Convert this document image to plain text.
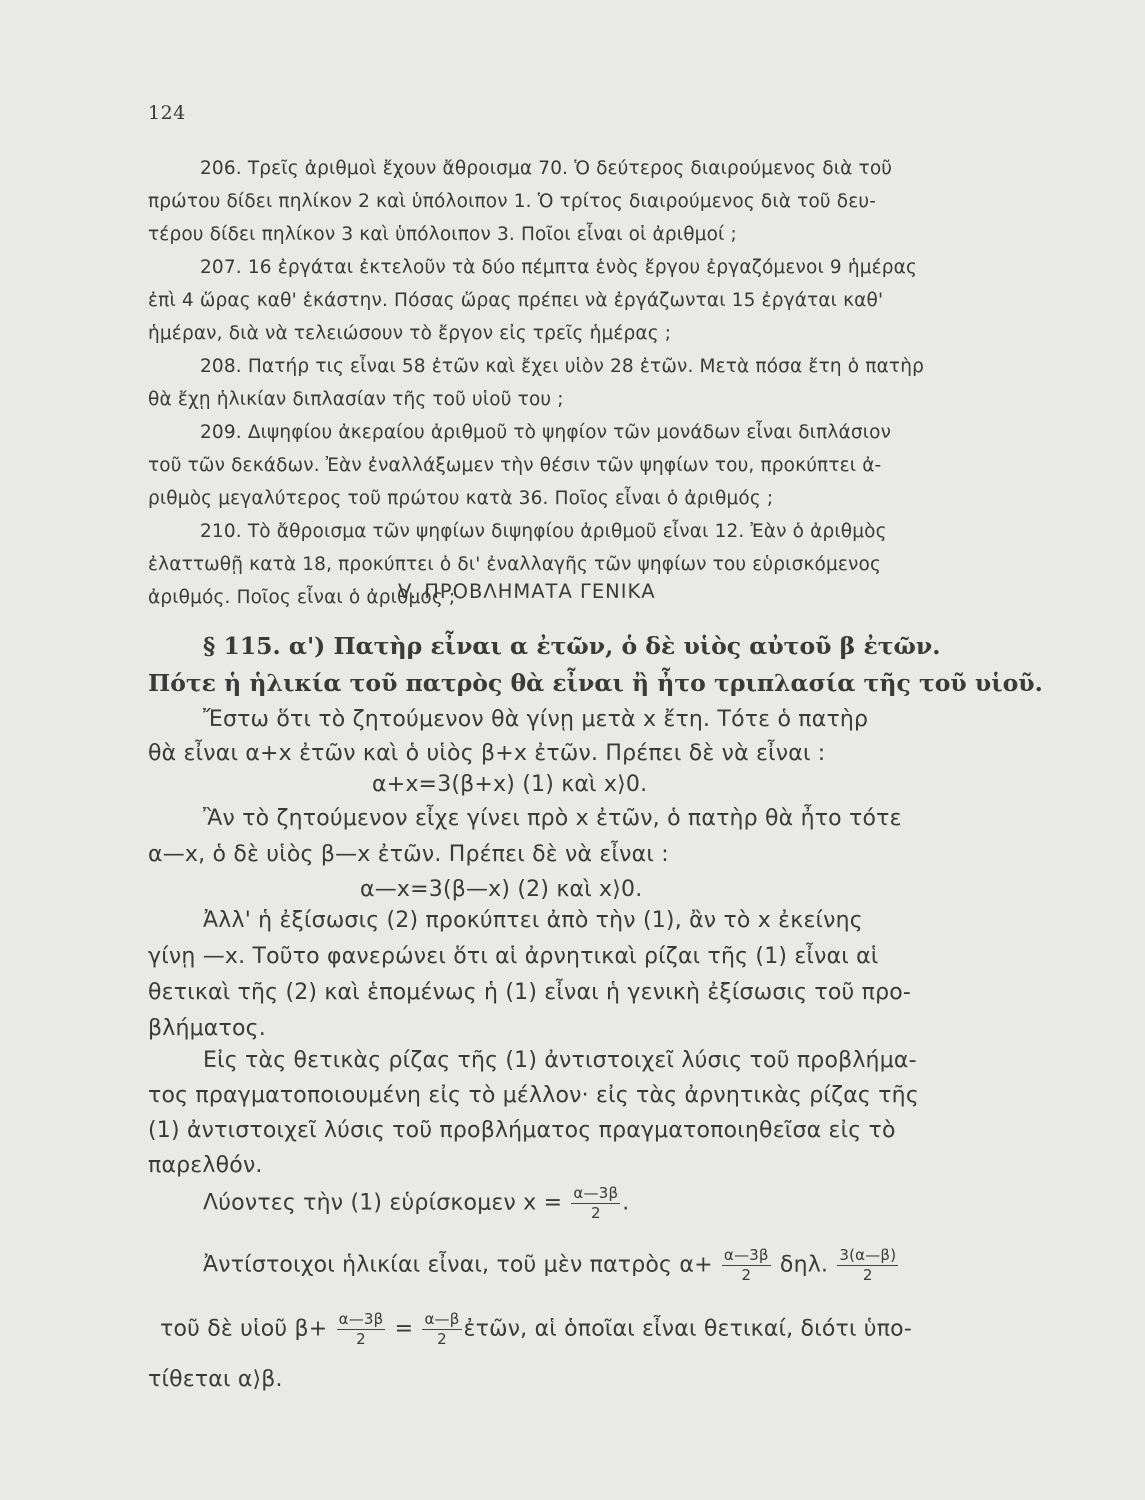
124
206. Τρεῖς ἀριθμοὶ ἔχουν ἄθροισμα 70. Ὁ δεύτερος διαιρούμενος διὰ τοῦ
πρώτου δίδει πηλίκον 2 καὶ ὑπόλοιπον 1. Ὁ τρίτος διαιρούμενος διὰ τοῦ δευ-
τέρου δίδει πηλίκον 3 καὶ ὑπόλοιπον 3. Ποῖοι εἶναι οἱ ἀριθμοί ;
207. 16 ἐργάται ἐκτελοῦν τὰ δύο πέμπτα ἑνὸς ἔργου ἐργαζόμενοι 9 ἡμέρας
ἐπὶ 4 ὥρας καθ' ἑκάστην. Πόσας ὥρας πρέπει νὰ ἐργάζωνται 15 ἐργάται καθ'
ἡμέραν, διὰ νὰ τελειώσουν τὸ ἔργον εἰς τρεῖς ἡμέρας ;
208. Πατήρ τις εἶναι 58 ἐτῶν καὶ ἔχει υἱὸν 28 ἐτῶν. Μετὰ πόσα ἔτη ὁ πατὴρ
θὰ ἔχῃ ἡλικίαν διπλασίαν τῆς τοῦ υἱοῦ του ;
209. Διψηφίου ἀκεραίου ἀριθμοῦ τὸ ψηφίον τῶν μονάδων εἶναι διπλάσιον
τοῦ τῶν δεκάδων. Ἐὰν ἐναλλάξωμεν τὴν θέσιν τῶν ψηφίων του, προκύπτει ἀ-
ριθμὸς μεγαλύτερος τοῦ πρώτου κατὰ 36. Ποῖος εἶναι ὁ ἀριθμός ;
210. Τὸ ἄθροισμα τῶν ψηφίων διψηφίου ἀριθμοῦ εἶναι 12. Ἐὰν ὁ ἀριθμὸς
ἐλαττωθῇ κατὰ 18, προκύπτει ὁ δι' ἐναλλαγῆς τῶν ψηφίων του εὑρισκόμενος
ἀριθμός. Ποῖος εἶναι ὁ ἀριθμός ;
V. ΠΡΟΒΛΗΜΑΤΑ ΓΕΝΙΚΑ
§ 115. α') Πατὴρ εἶναι α ἐτῶν, ὁ δὲ υἱὸς αὐτοῦ β ἐτῶν.
Πότε ἡ ἡλικία τοῦ πατρὸς θὰ εἶναι ἢ ἦτο τριπλασία τῆς τοῦ υἱοῦ.
Ἔστω ὅτι τὸ ζητούμενον θὰ γίνῃ μετὰ x ἔτη. Τότε ὁ πατὴρ
θὰ εἶναι α+x ἐτῶν καὶ ὁ υἱὸς β+x ἐτῶν. Πρέπει δὲ νὰ εἶναι :
α+x=3(β+x) (1) καὶ x⟩0.
Ἂν τὸ ζητούμενον εἶχε γίνει πρὸ x ἐτῶν, ὁ πατὴρ θὰ ἦτο τότε
α—x, ὁ δὲ υἱὸς β—x ἐτῶν. Πρέπει δὲ νὰ εἶναι :
α—x=3(β—x) (2) καὶ x⟩0.
Ἀλλ' ἡ ἐξίσωσις (2) προκύπτει ἀπὸ τὴν (1), ἂν τὸ x ἐκείνης
γίνῃ —x. Τοῦτο φανερώνει ὅτι αἱ ἀρνητικαὶ ρίζαι τῆς (1) εἶναι αἱ
θετικαὶ τῆς (2) καὶ ἑπομένως ἡ (1) εἶναι ἡ γενικὴ ἐξίσωσις τοῦ προ-
βλήματος.
Εἰς τὰς θετικὰς ρίζας τῆς (1) ἀντιστοιχεῖ λύσις τοῦ προβλήμα-
τος πραγματοποιουμένη εἰς τὸ μέλλον· εἰς τὰς ἀρνητικὰς ρίζας τῆς
(1) ἀντιστοιχεῖ λύσις τοῦ προβλήματος πραγματοποιηθεῖσα εἰς τὸ
παρελθόν.
Λύοντες τὴν (1) εὑρίσκομεν $x = \frac{\alpha—3\beta}{2}$ .
Ἀντίστοιχοι ἡλικίαι εἶναι, τοῦ μὲν πατρὸς $\alpha+ \frac{\alpha—3\beta}{2} \delta\eta\lambda$. $\frac{3(\alpha—\beta)}{2}$
τοῦ δὲ υἱοῦ $\beta+ \frac{\alpha—3\beta}{2} = \frac{\alpha—\beta}{2}$ ἐτῶν, αἱ ὁποῖαι εἶναι θετικαί, διότι ὑπο-
τίθεται α⟩β.
